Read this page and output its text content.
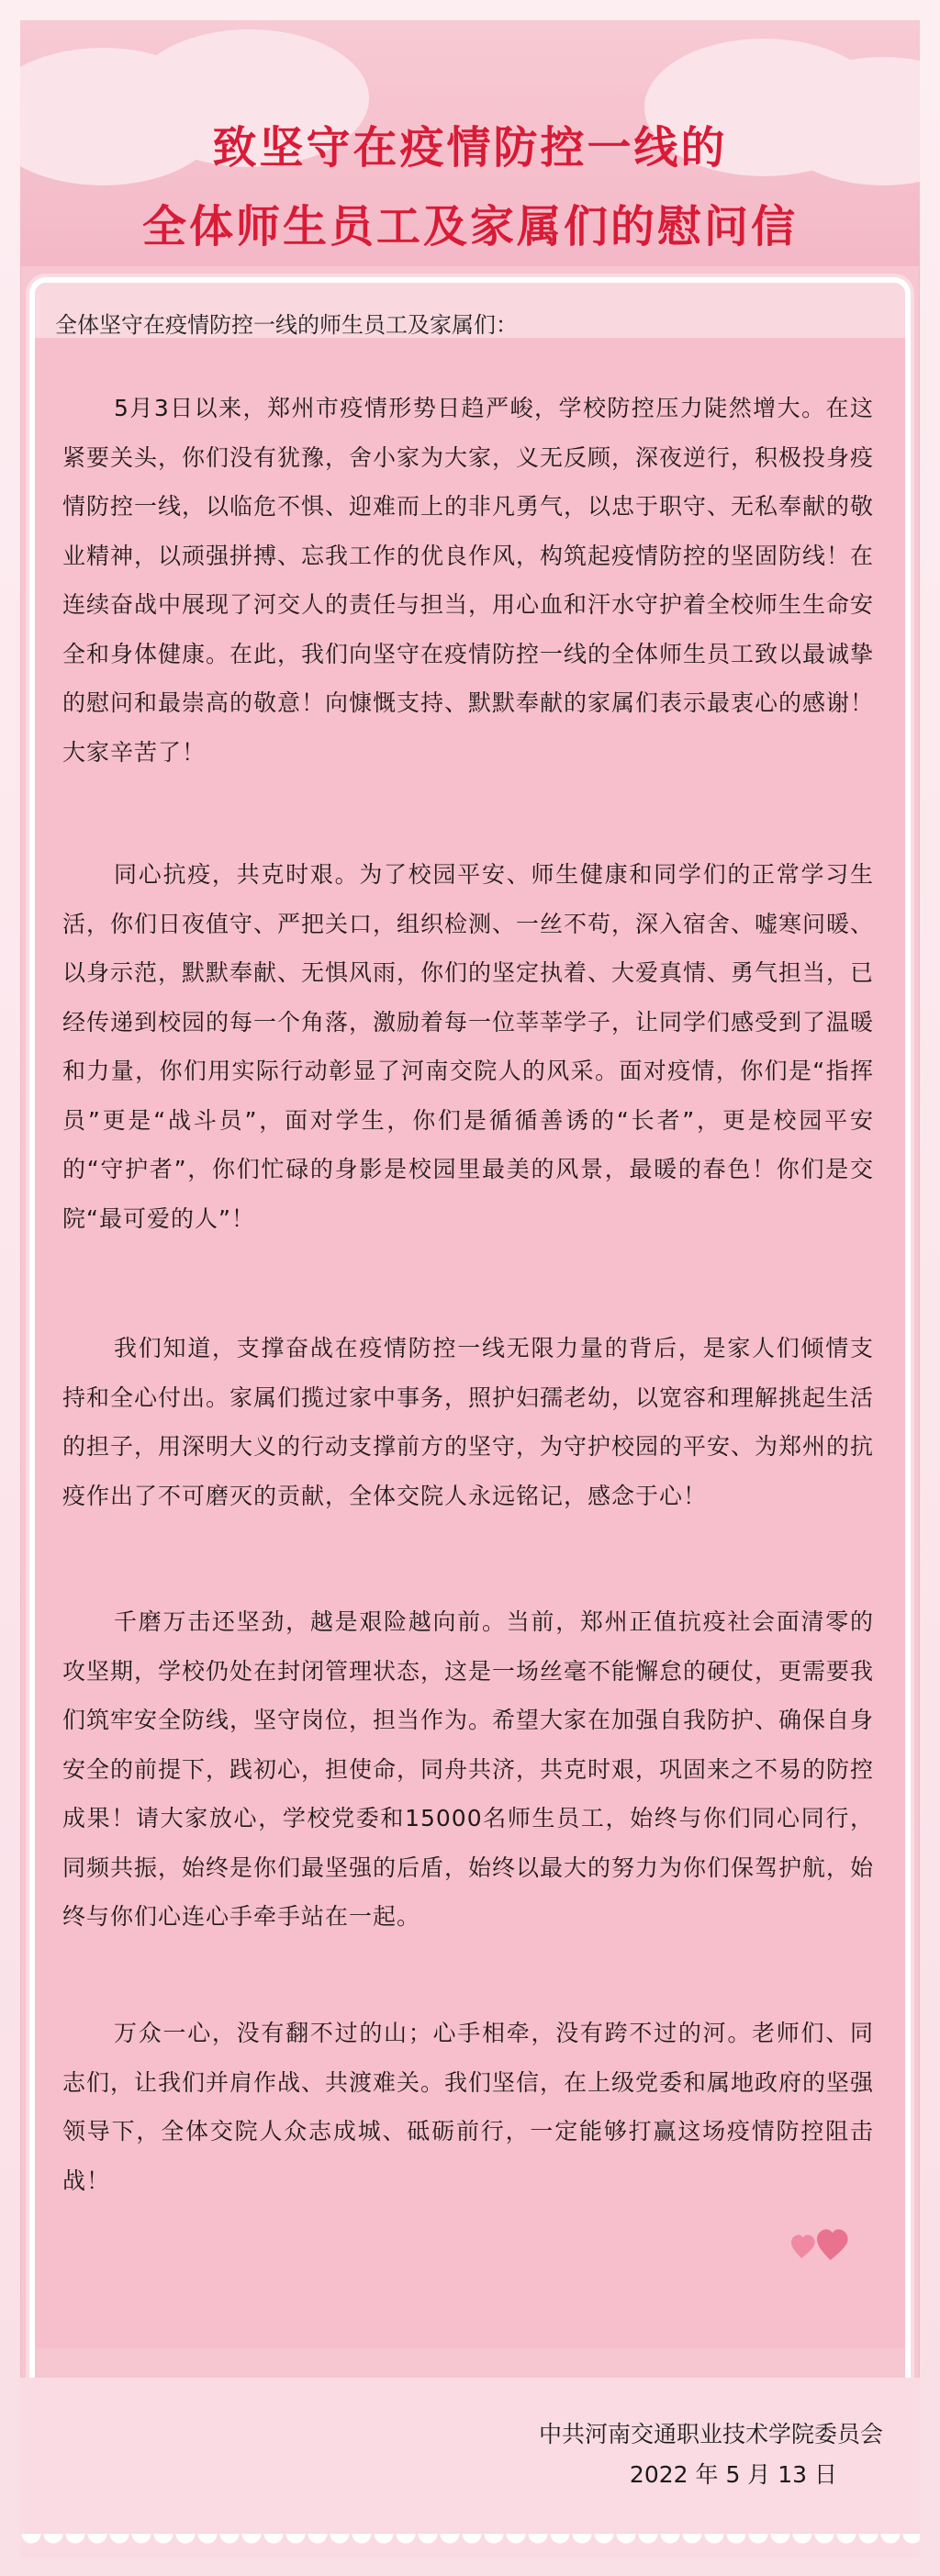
致坚守在疫情防控一线的
全体师生员工及家属们的慰问信
全体坚守在疫情防控一线的师生员工及家属们：
5月3日以来，郑州市疫情形势日趋严峻，学校防控压力陡然增大。在这紧要关头，你们没有犹豫，舍小家为大家，义无反顾，深夜逆行，积极投身疫情防控一线，以临危不惧、迎难而上的非凡勇气，以忠于职守、无私奉献的敬业精神，以顽强拼搏、忘我工作的优良作风，构筑起疫情防控的坚固防线！在连续奋战中展现了河交人的责任与担当，用心血和汗水守护着全校师生生命安全和身体健康。在此，我们向坚守在疫情防控一线的全体师生员工致以最诚挚的慰问和最崇高的敬意！向慷慨支持、默默奉献的家属们表示最衷心的感谢！大家辛苦了！
同心抗疫，共克时艰。为了校园平安、师生健康和同学们的正常学习生活，你们日夜值守、严把关口，组织检测、一丝不苟，深入宿舍、嘘寒问暖、以身示范，默默奉献、无惧风雨，你们的坚定执着、大爱真情、勇气担当，已经传递到校园的每一个角落，激励着每一位莘莘学子，让同学们感受到了温暖和力量，你们用实际行动彰显了河南交院人的风采。面对疫情，你们是“指挥员”更是“战斗员”，面对学生，你们是循循善诱的“长者”，更是校园平安的“守护者”，你们忙碌的身影是校园里最美的风景，最暖的春色！你们是交院“最可爱的人”！
我们知道，支撑奋战在疫情防控一线无限力量的背后，是家人们倾情支持和全心付出。家属们揽过家中事务，照护妇孺老幼，以宽容和理解挑起生活的担子，用深明大义的行动支撑前方的坚守，为守护校园的平安、为郑州的抗疫作出了不可磨灭的贡献，全体交院人永远铭记，感念于心！
千磨万击还坚劲，越是艰险越向前。当前，郑州正值抗疫社会面清零的攻坚期，学校仍处在封闭管理状态，这是一场丝毫不能懈怠的硬仗，更需要我们筑牢安全防线，坚守岗位，担当作为。希望大家在加强自我防护、确保自身安全的前提下，践初心，担使命，同舟共济，共克时艰，巩固来之不易的防控成果！请大家放心，学校党委和15000名师生员工，始终与你们同心同行，同频共振，始终是你们最坚强的后盾，始终以最大的努力为你们保驾护航，始终与你们心连心手牵手站在一起。
万众一心，没有翻不过的山；心手相牵，没有跨不过的河。老师们、同志们，让我们并肩作战、共渡难关。我们坚信，在上级党委和属地政府的坚强领导下，全体交院人众志成城、砥砺前行，一定能够打赢这场疫情防控阻击战！
中共河南交通职业技术学院委员会
2022 年 5 月 13 日
